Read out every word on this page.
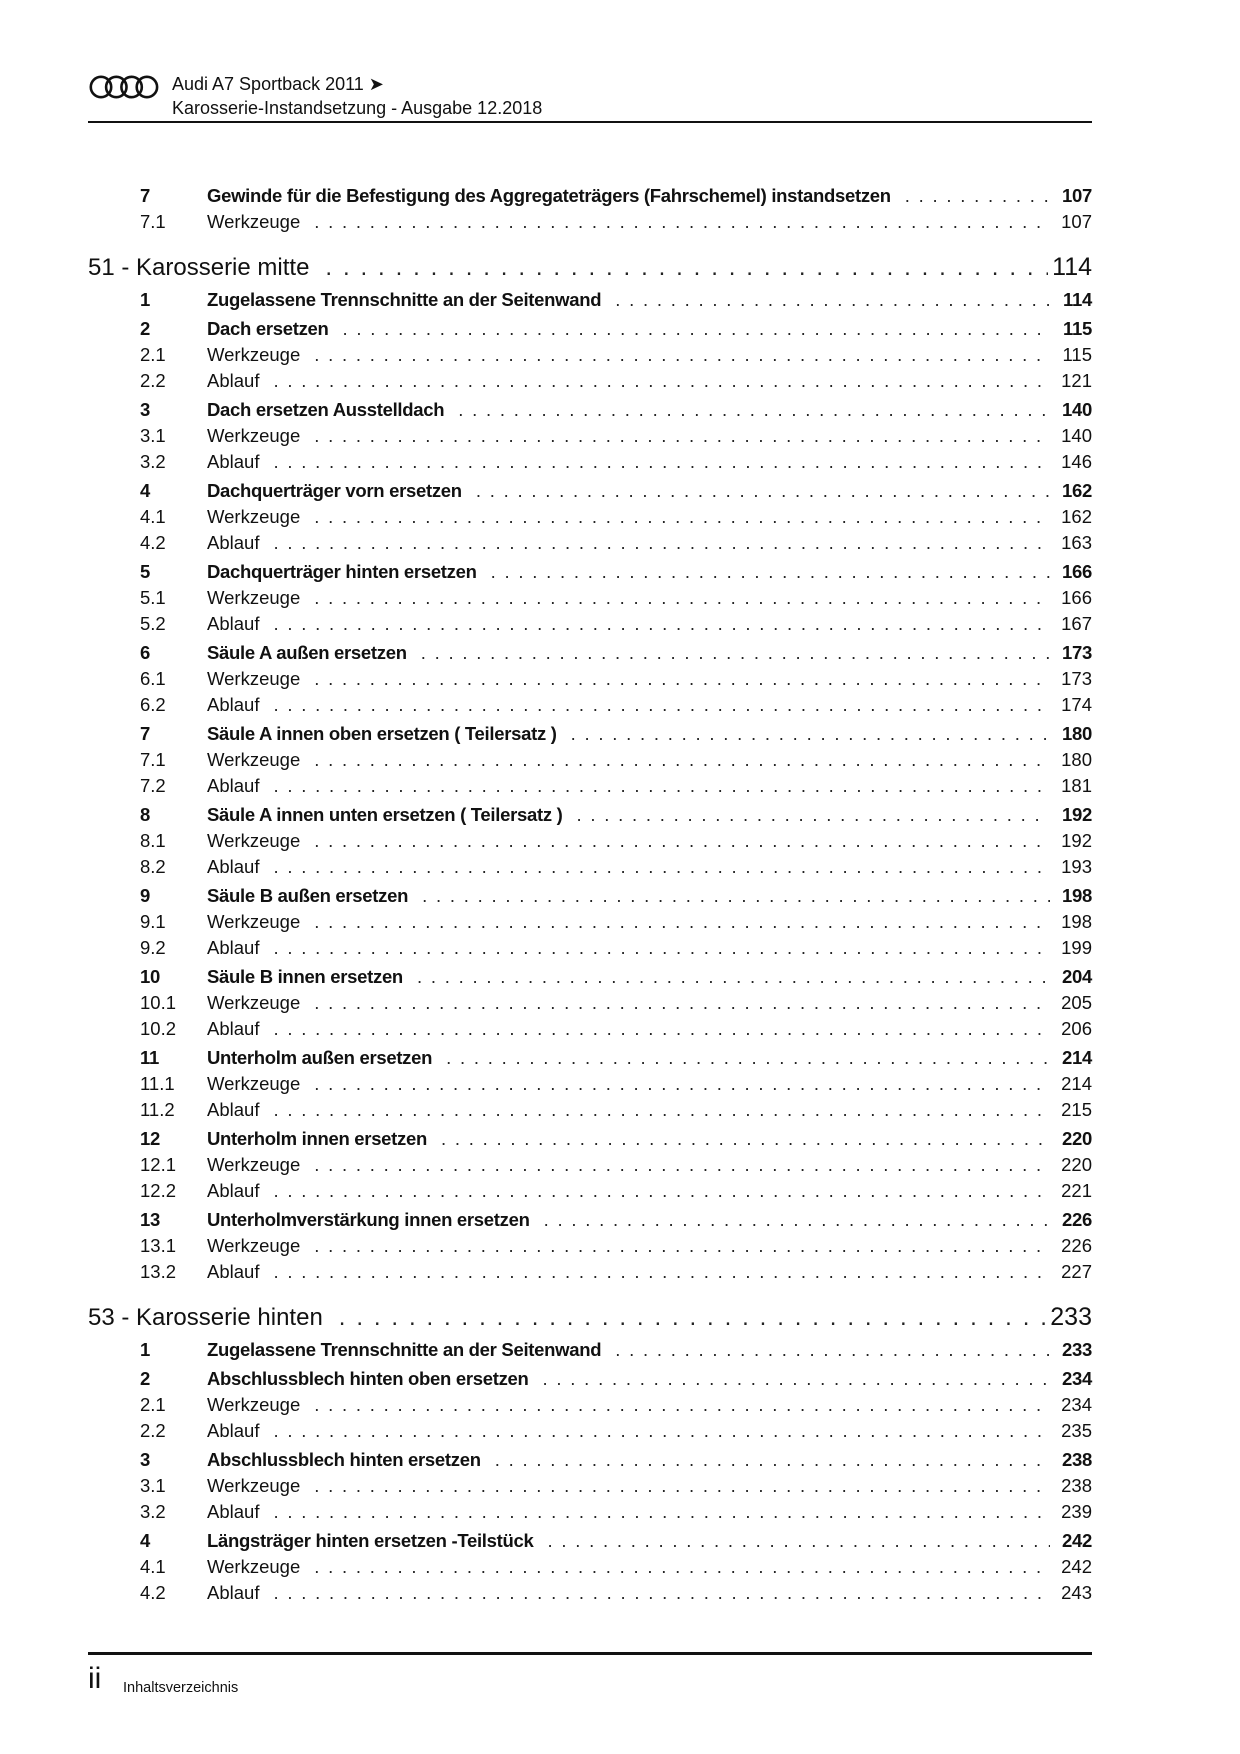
Audi A7 Sportback 2011 ➤
Karosserie-Instandsetzung - Ausgabe 12.2018
7	Gewinde für die Befestigung des Aggregateträgers (Fahrschemel) instandsetzen . . .	107
7.1 Werkzeuge . . .	107
51 - Karosserie mitte . . .	114
1	Zugelassene Trennschnitte an der Seitenwand . . .	114
2	Dach ersetzen . . .	115
2.1 Werkzeuge . . .	115
2.2 Ablauf . . .	121
3	Dach ersetzen Ausstelldach . . .	140
3.1 Werkzeuge . . .	140
3.2 Ablauf . . .	146
4	Dachquerträger vorn ersetzen . . .	162
4.1 Werkzeuge . . .	162
4.2 Ablauf . . .	163
5	Dachquerträger hinten ersetzen . . .	166
5.1 Werkzeuge . . .	166
5.2 Ablauf . . .	167
6	Säule A außen ersetzen . . .	173
6.1 Werkzeuge . . .	173
6.2 Ablauf . . .	174
7	Säule A innen oben ersetzen ( Teilersatz ) . . .	180
7.1 Werkzeuge . . .	180
7.2 Ablauf . . .	181
8	Säule A innen unten ersetzen ( Teilersatz ) . . .	192
8.1 Werkzeuge . . .	192
8.2 Ablauf . . .	193
9	Säule B außen ersetzen . . .	198
9.1 Werkzeuge . . .	198
9.2 Ablauf . . .	199
10	Säule B innen ersetzen . . .	204
10.1 Werkzeuge . . .	205
10.2 Ablauf . . .	206
11	Unterholm außen ersetzen . . .	214
11.1 Werkzeuge . . .	214
11.2 Ablauf . . .	215
12	Unterholm innen ersetzen . . .	220
12.1 Werkzeuge . . .	220
12.2 Ablauf . . .	221
13	Unterholmverstärkung innen ersetzen . . .	226
13.1 Werkzeuge . . .	226
13.2 Ablauf . . .	227
53 - Karosserie hinten . . .	233
1	Zugelassene Trennschnitte an der Seitenwand . . .	233
2	Abschlussblech hinten oben ersetzen . . .	234
2.1 Werkzeuge . . .	234
2.2 Ablauf . . .	235
3	Abschlussblech hinten ersetzen . . .	238
3.1 Werkzeuge . . .	238
3.2 Ablauf . . .	239
4	Längsträger hinten ersetzen -Teilstück . . .	242
4.1 Werkzeuge . . .	242
4.2 Ablauf . . .	243
ii Inhaltsverzeichnis
